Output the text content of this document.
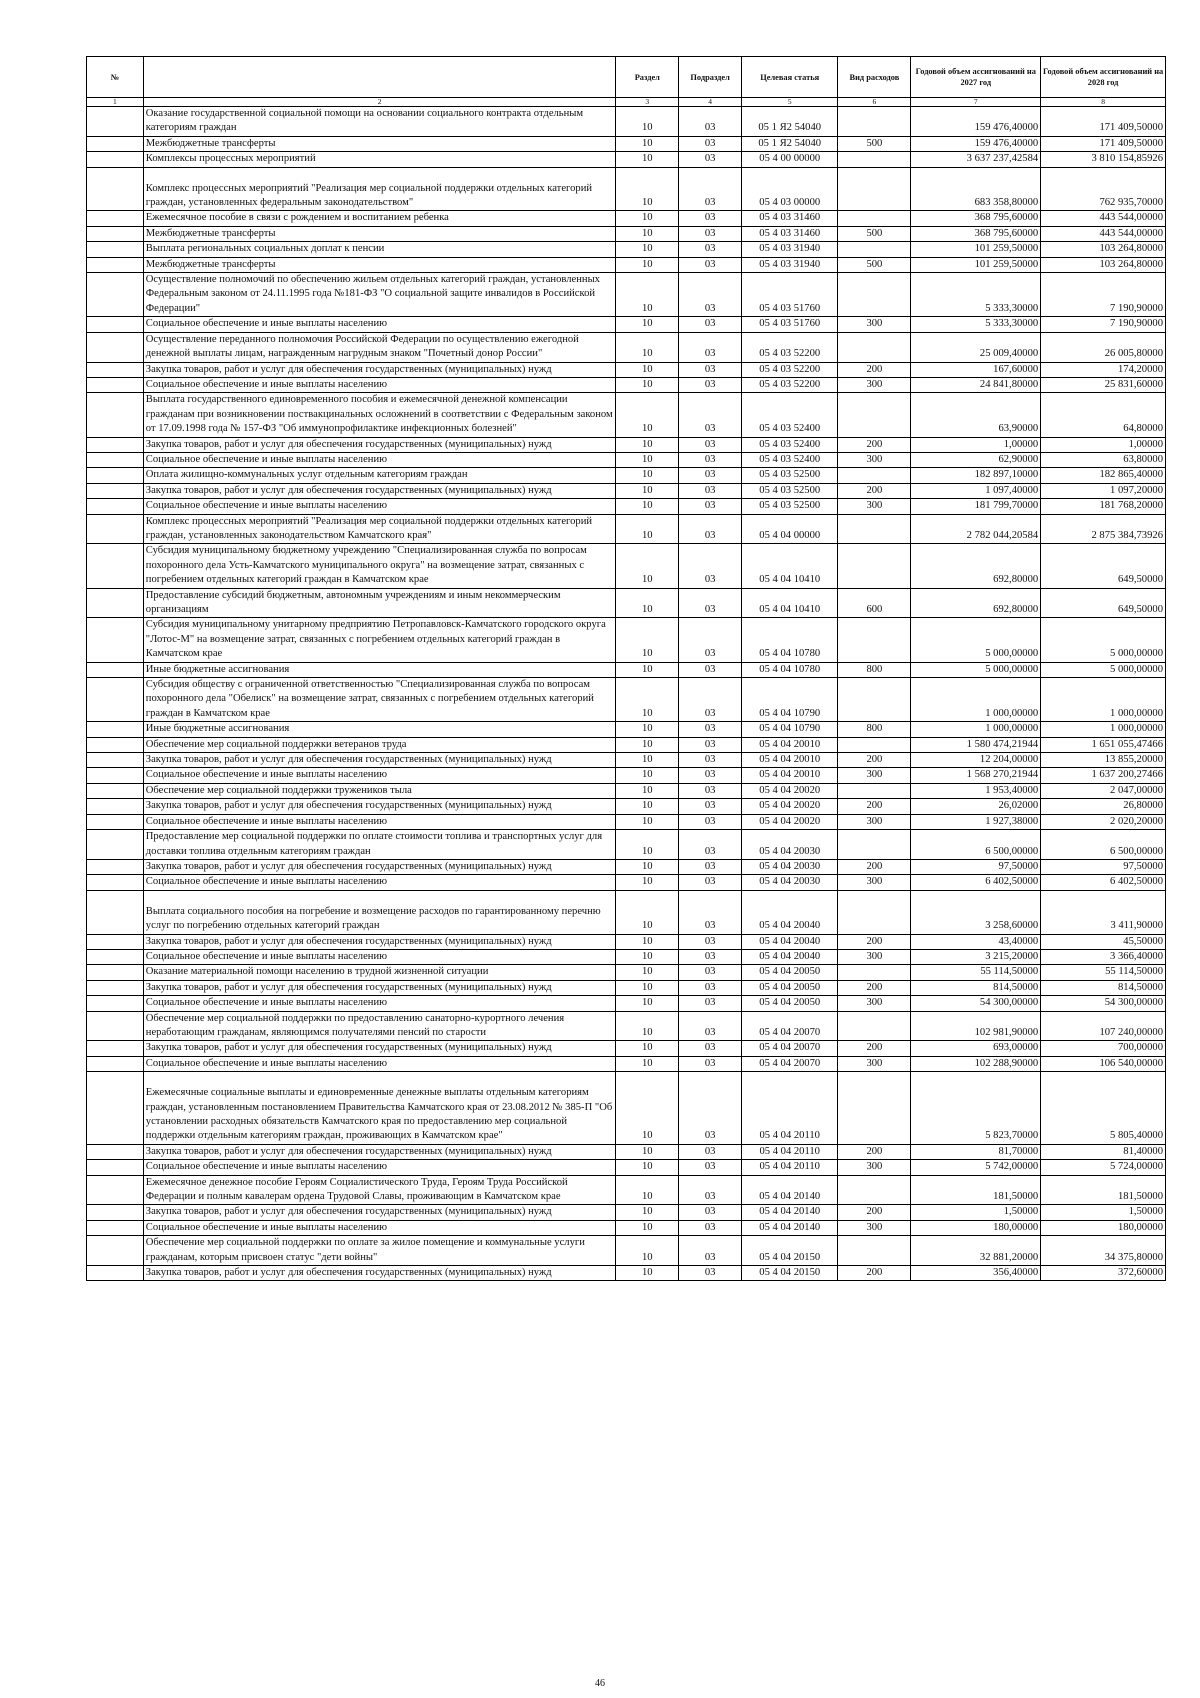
№		Раздел	Подраздел	Целевая статья	Вид расходов	Годовой объем ассигнований на 2027 год	Годовой объем ассигнований на 2028 год
1	2	3	4	5	6	7	8
	Оказание государственной социальной помощи на основании социального контракта отдельным категориям граждан	10	03	05 1 Я2 54040		159 476,40000	171 409,50000
	Межбюджетные трансферты	10	03	05 1 Я2 54040	500	159 476,40000	171 409,50000
	Комплексы процессных мероприятий	10	03	05 4 00 00000		3 637 237,42584	3 810 154,85926
	Комплекс процессных мероприятий "Реализация мер социальной поддержки отдельных категорий граждан, установленных федеральным законодательством"	10	03	05 4 03 00000		683 358,80000	762 935,70000
	Ежемесячное пособие в связи с рождением и воспитанием ребенка	10	03	05 4 03 31460		368 795,60000	443 544,00000
	Межбюджетные трансферты	10	03	05 4 03 31460	500	368 795,60000	443 544,00000
	Выплата региональных социальных доплат к пенсии	10	03	05 4 03 31940		101 259,50000	103 264,80000
	Межбюджетные трансферты	10	03	05 4 03 31940	500	101 259,50000	103 264,80000
	Осуществление полномочий по обеспечению жильем отдельных категорий граждан, установленных Федеральным законом от 24.11.1995 года №181-ФЗ "О социальной защите инвалидов в Российской Федерации"	10	03	05 4 03 51760		5 333,30000	7 190,90000
	Социальное обеспечение и иные выплаты населению	10	03	05 4 03 51760	300	5 333,30000	7 190,90000
	Осуществление переданного полномочия Российской Федерации по осуществлению ежегодной денежной выплаты лицам, награжденным нагрудным знаком "Почетный донор России"	10	03	05 4 03 52200		25 009,40000	26 005,80000
	Закупка товаров, работ и услуг для обеспечения государственных (муниципальных) нужд	10	03	05 4 03 52200	200	167,60000	174,20000
	Социальное обеспечение и иные выплаты населению	10	03	05 4 03 52200	300	24 841,80000	25 831,60000
	Выплата государственного единовременного пособия и ежемесячной денежной компенсации гражданам при возникновении поствакцинальных осложнений в соответствии с Федеральным законом от 17.09.1998 года № 157-ФЗ "Об иммунопрофилактике инфекционных болезней"	10	03	05 4 03 52400		63,90000	64,80000
	Закупка товаров, работ и услуг для обеспечения государственных (муниципальных) нужд	10	03	05 4 03 52400	200	1,00000	1,00000
	Социальное обеспечение и иные выплаты населению	10	03	05 4 03 52400	300	62,90000	63,80000
	Оплата жилищно-коммунальных услуг отдельным категориям граждан	10	03	05 4 03 52500		182 897,10000	182 865,40000
	Закупка товаров, работ и услуг для обеспечения государственных (муниципальных) нужд	10	03	05 4 03 52500	200	1 097,40000	1 097,20000
	Социальное обеспечение и иные выплаты населению	10	03	05 4 03 52500	300	181 799,70000	181 768,20000
	Комплекс процессных мероприятий "Реализация мер социальной поддержки отдельных категорий граждан, установленных законодательством Камчатского края"	10	03	05 4 04 00000		2 782 044,20584	2 875 384,73926
	Субсидия муниципальному бюджетному учреждению "Специализированная служба по вопросам похоронного дела Усть-Камчатского муниципального округа" на возмещение затрат, связанных с погребением отдельных категорий граждан в Камчатском крае	10	03	05 4 04 10410		692,80000	649,50000
	Предоставление субсидий бюджетным, автономным учреждениям и иным некоммерческим организациям	10	03	05 4 04 10410	600	692,80000	649,50000
	Субсидия муниципальному унитарному предприятию Петропавловск-Камчатского городского округа "Лотос-М" на возмещение затрат, связанных с погребением отдельных категорий граждан в Камчатском крае	10	03	05 4 04 10780		5 000,00000	5 000,00000
	Иные бюджетные ассигнования	10	03	05 4 04 10780	800	5 000,00000	5 000,00000
	Субсидия обществу с ограниченной ответственностью "Специализированная служба по вопросам похоронного дела "Обелиск" на возмещение затрат, связанных с погребением отдельных категорий граждан в Камчатском крае	10	03	05 4 04 10790		1 000,00000	1 000,00000
	Иные бюджетные ассигнования	10	03	05 4 04 10790	800	1 000,00000	1 000,00000
	Обеспечение мер социальной поддержки ветеранов труда	10	03	05 4 04 20010		1 580 474,21944	1 651 055,47466
	Закупка товаров, работ и услуг для обеспечения государственных (муниципальных) нужд	10	03	05 4 04 20010	200	12 204,00000	13 855,20000
	Социальное обеспечение и иные выплаты населению	10	03	05 4 04 20010	300	1 568 270,21944	1 637 200,27466
	Обеспечение мер социальной поддержки тружеников тыла	10	03	05 4 04 20020		1 953,40000	2 047,00000
	Закупка товаров, работ и услуг для обеспечения государственных (муниципальных) нужд	10	03	05 4 04 20020	200	26,02000	26,80000
	Социальное обеспечение и иные выплаты населению	10	03	05 4 04 20020	300	1 927,38000	2 020,20000
	Предоставление мер социальной поддержки по оплате стоимости топлива и транспортных услуг для доставки топлива отдельным категориям граждан	10	03	05 4 04 20030		6 500,00000	6 500,00000
	Закупка товаров, работ и услуг для обеспечения государственных (муниципальных) нужд	10	03	05 4 04 20030	200	97,50000	97,50000
	Социальное обеспечение и иные выплаты населению	10	03	05 4 04 20030	300	6 402,50000	6 402,50000
	Выплата социального пособия на погребение и возмещение расходов по гарантированному перечню услуг по погребению отдельных категорий граждан	10	03	05 4 04 20040		3 258,60000	3 411,90000
	Закупка товаров, работ и услуг для обеспечения государственных (муниципальных) нужд	10	03	05 4 04 20040	200	43,40000	45,50000
	Социальное обеспечение и иные выплаты населению	10	03	05 4 04 20040	300	3 215,20000	3 366,40000
	Оказание материальной помощи населению в трудной жизненной ситуации	10	03	05 4 04 20050		55 114,50000	55 114,50000
	Закупка товаров, работ и услуг для обеспечения государственных (муниципальных) нужд	10	03	05 4 04 20050	200	814,50000	814,50000
	Социальное обеспечение и иные выплаты населению	10	03	05 4 04 20050	300	54 300,00000	54 300,00000
	Обеспечение мер социальной поддержки по предоставлению санаторно-курортного лечения неработающим гражданам, являющимся получателями пенсий по старости	10	03	05 4 04 20070		102 981,90000	107 240,00000
	Закупка товаров, работ и услуг для обеспечения государственных (муниципальных) нужд	10	03	05 4 04 20070	200	693,00000	700,00000
	Социальное обеспечение и иные выплаты населению	10	03	05 4 04 20070	300	102 288,90000	106 540,00000
	Ежемесячные социальные выплаты и единовременные денежные выплаты отдельным категориям граждан, установленным постановлением Правительства Камчатского края от 23.08.2012 № 385-П "Об установлении расходных обязательств Камчатского края по предоставлению мер социальной поддержки отдельным категориям граждан, проживающих в Камчатском крае"	10	03	05 4 04 20110		5 823,70000	5 805,40000
	Закупка товаров, работ и услуг для обеспечения государственных (муниципальных) нужд	10	03	05 4 04 20110	200	81,70000	81,40000
	Социальное обеспечение и иные выплаты населению	10	03	05 4 04 20110	300	5 742,00000	5 724,00000
	Ежемесячное денежное пособие Героям Социалистического Труда, Героям Труда Российской Федерации и полным кавалерам ордена Трудовой Славы, проживающим в Камчатском крае	10	03	05 4 04 20140		181,50000	181,50000
	Закупка товаров, работ и услуг для обеспечения государственных (муниципальных) нужд	10	03	05 4 04 20140	200	1,50000	1,50000
	Социальное обеспечение и иные выплаты населению	10	03	05 4 04 20140	300	180,00000	180,00000
	Обеспечение мер социальной поддержки по оплате за жилое помещение и коммунальные услуги гражданам, которым присвоен статус "дети войны"	10	03	05 4 04 20150		32 881,20000	34 375,80000
	Закупка товаров, работ и услуг для обеспечения государственных (муниципальных) нужд	10	03	05 4 04 20150	200	356,40000	372,60000
46
